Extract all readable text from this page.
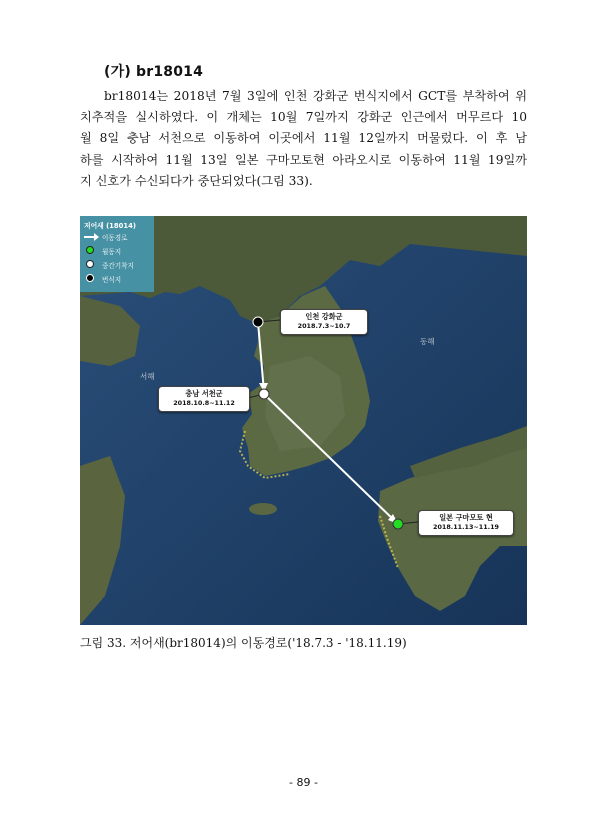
(가) br18014
br18014는 2018년 7월 3일에 인천 강화군 번식지에서 GCT를 부착하여 위
치추적을 실시하였다. 이 개체는 10월 7일까지 강화군 인근에서 머무르다 10
월 8일 충남 서천으로 이동하여 이곳에서 11월 12일까지 머물렀다. 이 후 남
하를 시작하여 11월 13일 일본 구마모토현 아라오시로 이동하여 11월 19일까
지 신호가 수신되다가 중단되었다(그림 33).
저어새 (18014)
이동경로
월동지
중간기착지
번식지
서해
동해
인천 강화군
2018.7.3~10.7
충남 서천군
2018.10.8~11.12
일본 구마모토 현
2018.11.13~11.19
그림 33. 저어새(br18014)의 이동경로('18.7.3 - '18.11.19)
- 89 -
